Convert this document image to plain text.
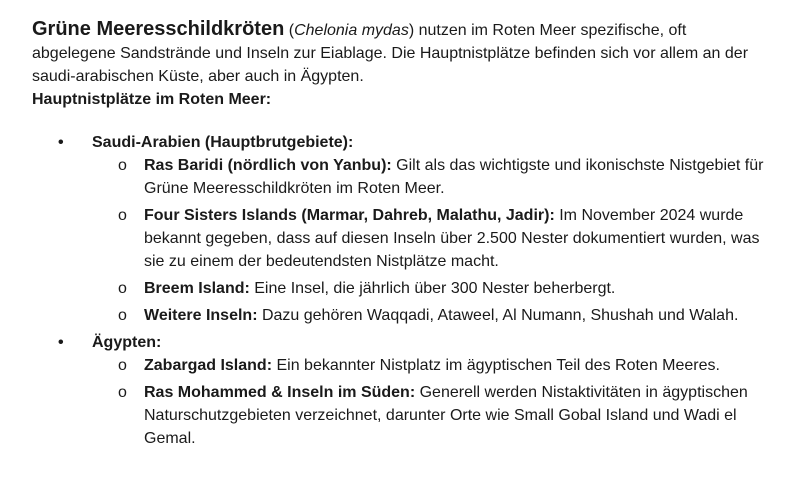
Grüne Meeresschildkröten (Chelonia mydas) nutzen im Roten Meer spezifische, oft abgelegene Sandstrände und Inseln zur Eiablage. Die Hauptnistplätze befinden sich vor allem an der saudi-arabischen Küste, aber auch in Ägypten.

Hauptnistplätze im Roten Meer:

• Saudi-Arabien (Hauptbrutgebiete):
o Ras Baridi (nördlich von Yanbu): Gilt als das wichtigste und ikonischste Nistgebiet für Grüne Meeresschildkröten im Roten Meer.
o Four Sisters Islands (Marmar, Dahreb, Malathu, Jadir): Im November 2024 wurde bekannt gegeben, dass auf diesen Inseln über 2.500 Nester dokumentiert wurden, was sie zu einem der bedeutendsten Nistplätze macht.
o Breem Island: Eine Insel, die jährlich über 300 Nester beherbergt.
o Weitere Inseln: Dazu gehören Waqqadi, Ataweel, Al Numann, Shushah und Walah.
• Ägypten:
o Zabargad Island: Ein bekannter Nistplatz im ägyptischen Teil des Roten Meeres.
o Ras Mohammed & Inseln im Süden: Generell werden Nistaktivitäten in ägyptischen Naturschutzgebieten verzeichnet, darunter Orte wie Small Gobal Island und Wadi el Gemal.
